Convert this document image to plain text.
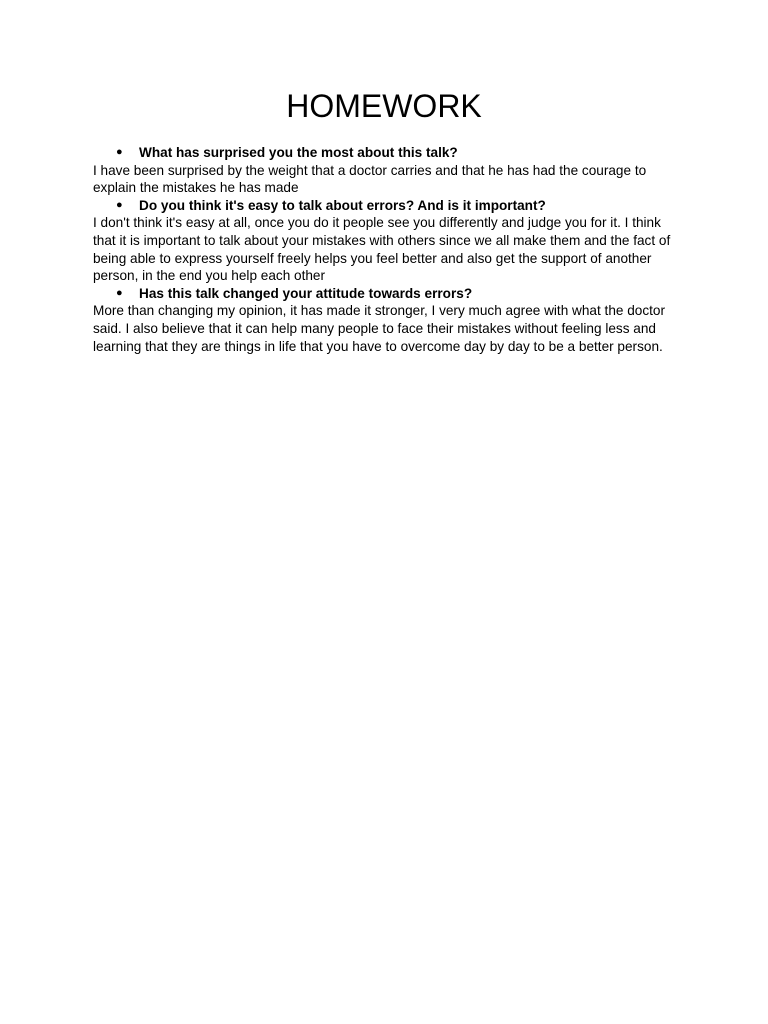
HOMEWORK
● What has surprised you the most about this talk?
I have been surprised by the weight that a doctor carries and that he has had the courage to explain the mistakes he has made
● Do you think it's easy to talk about errors? And is it important?
I don't think it's easy at all, once you do it people see you differently and judge you for it. I think that it is important to talk about your mistakes with others since we all make them and the fact of being able to express yourself freely helps you feel better and also get the support of another person, in the end you help each other
● Has this talk changed your attitude towards errors?
More than changing my opinion, it has made it stronger, I very much agree with what the doctor said. I also believe that it can help many people to face their mistakes without feeling less and learning that they are things in life that you have to overcome day by day to be a better person.
